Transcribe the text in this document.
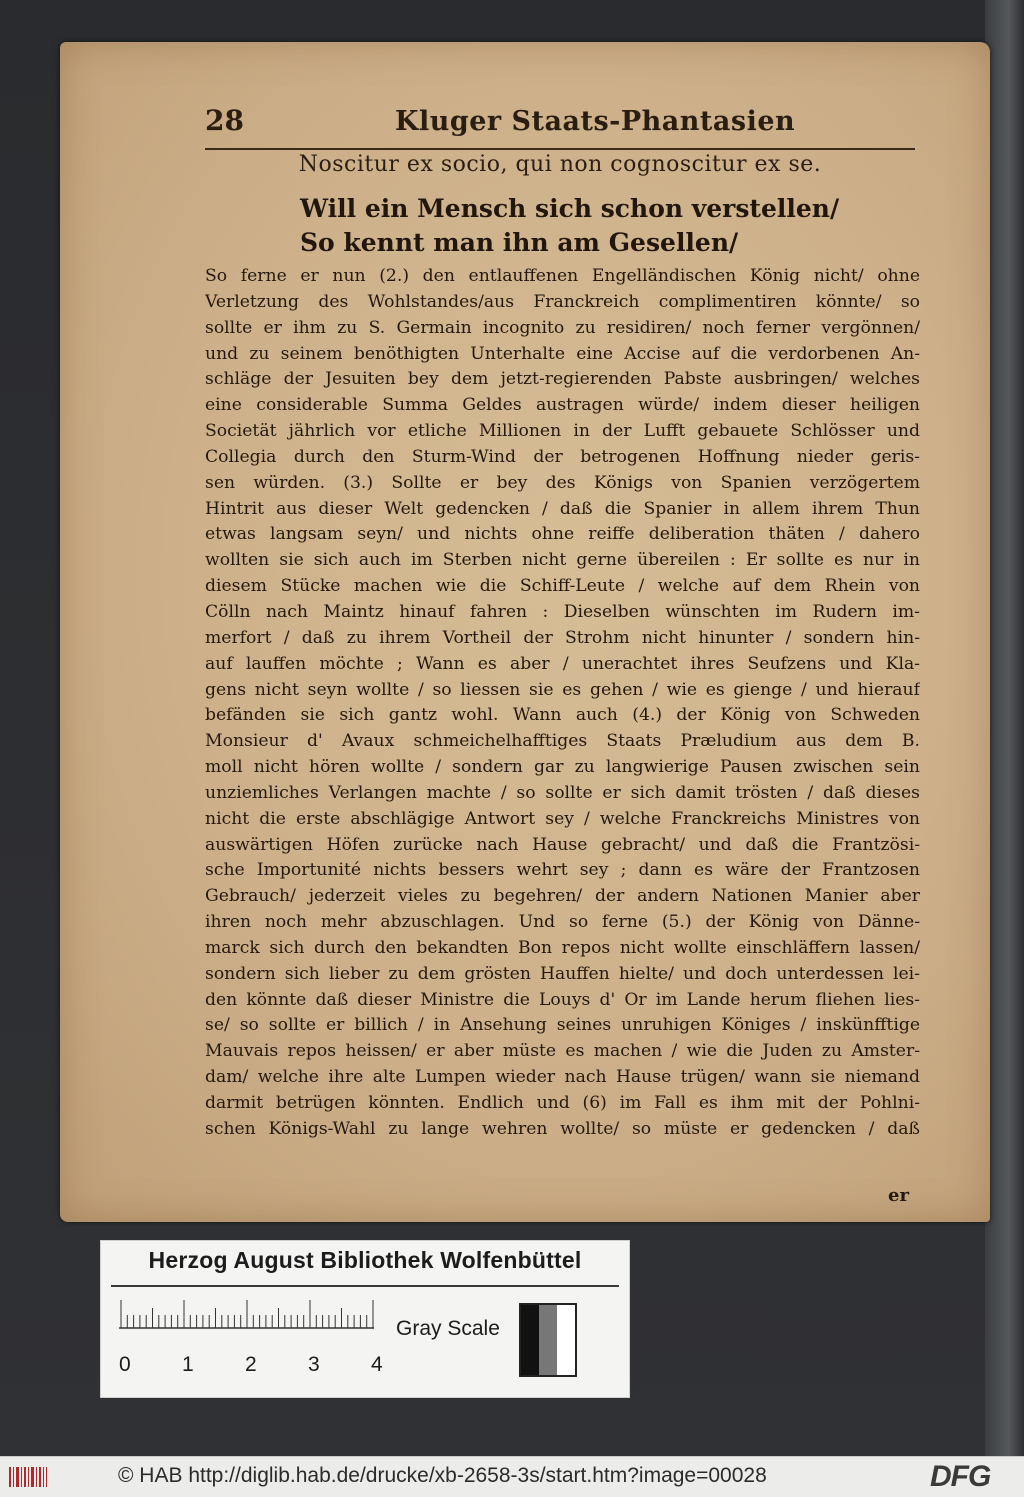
28	Kluger Staats-Phantasien
Noscitur ex socio, qui non cognoscitur ex se.
Will ein Mensch sich schon verstellen/
So kennt man ihn am Gesellen/
So ferne er nun (2.) den entlauffenen Engelländischen König nicht/ ohne
Verletzung des Wohlstandes/aus Franckreich complimentiren könnte/ so
sollte er ihm zu S. Germain incognito zu residiren/ noch ferner vergönnen/
und zu seinem benöthigten Unterhalte eine Accise auf die verdorbenen An-
schläge der Jesuiten bey dem jetzt-regierenden Pabste ausbringen/ welches
eine considerable Summa Geldes austragen würde/ indem dieser heiligen
Societät jährlich vor etliche Millionen in der Lufft gebauete Schlösser und
Collegia durch den Sturm-Wind der betrogenen Hoffnung nieder geris-
sen würden. (3.) Sollte er bey des Königs von Spanien verzögertem
Hintrit aus dieser Welt gedencken / daß die Spanier in allem ihrem Thun
etwas langsam seyn/ und nichts ohne reiffe deliberation thäten / dahero
wollten sie sich auch im Sterben nicht gerne übereilen : Er sollte es nur in
diesem Stücke machen wie die Schiff-Leute / welche auf dem Rhein von
Cölln nach Maintz hinauf fahren : Dieselben wünschten im Rudern im-
merfort / daß zu ihrem Vortheil der Strohm nicht hinunter / sondern hin-
auf lauffen möchte ; Wann es aber / unerachtet ihres Seufzens und Kla-
gens nicht seyn wollte / so liessen sie es gehen / wie es gienge / und hierauf
befänden sie sich gantz wohl. Wann auch (4.) der König von Schweden
Monsieur d' Avaux schmeichelhafftiges Staats Præludium aus dem B.
moll nicht hören wollte / sondern gar zu langwierige Pausen zwischen sein
unziemliches Verlangen machte / so sollte er sich damit trösten / daß dieses
nicht die erste abschlägige Antwort sey / welche Franckreichs Ministres von
auswärtigen Höfen zurücke nach Hause gebracht/ und daß die Frantzösi-
sche Importunité nichts bessers wehrt sey ; dann es wäre der Frantzosen
Gebrauch/ jederzeit vieles zu begehren/ der andern Nationen Manier aber
ihren noch mehr abzuschlagen. Und so ferne (5.) der König von Dänne-
marck sich durch den bekandten Bon repos nicht wollte einschläffern lassen/
sondern sich lieber zu dem grösten Hauffen hielte/ und doch unterdessen lei-
den könnte daß dieser Ministre die Louys d' Or im Lande herum fliehen lies-
se/ so sollte er billich / in Ansehung seines unruhigen Königes / inskünfftige
Mauvais repos heissen/ er aber müste es machen / wie die Juden zu Amster-
dam/ welche ihre alte Lumpen wieder nach Hause trügen/ wann sie niemand
darmit betrügen könnten. Endlich und (6) im Fall es ihm mit der Pohlni-
schen Königs-Wahl zu lange wehren wollte/ so müste er gedencken / daß
er
Herzog August Bibliothek Wolfenbüttel
0 1 2 3 4
Gray Scale
© HAB http://diglib.hab.de/drucke/xb-2658-3s/start.htm?image=00028	DFG
